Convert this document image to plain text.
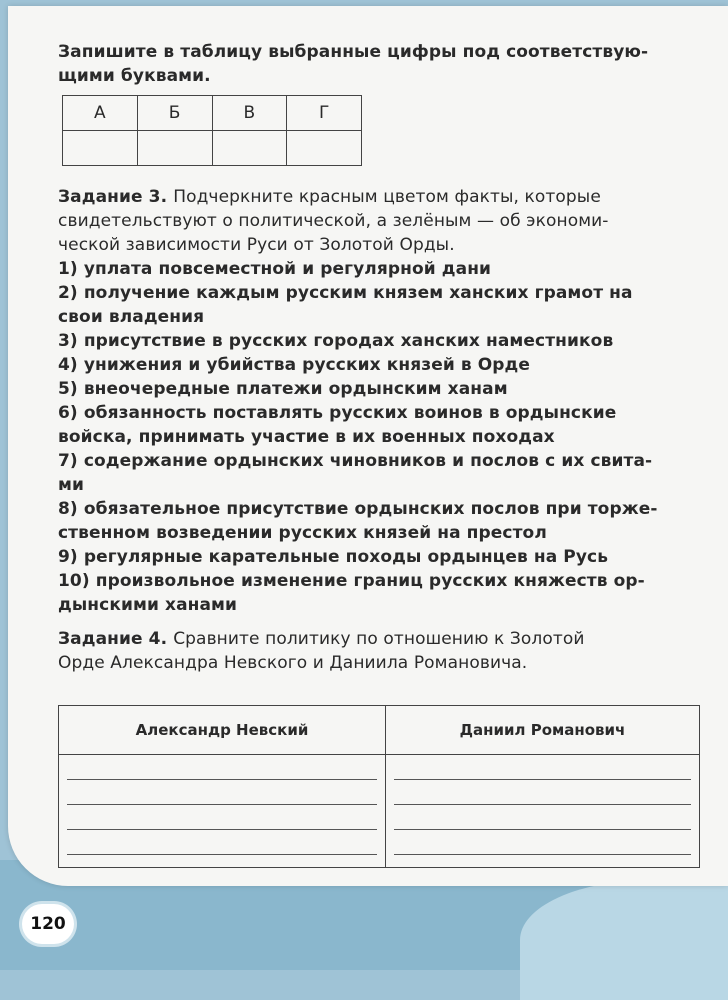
Запишите в таблицу выбранные цифры под соответствую-
щими буквами.
А	Б	В	Г

Задание 3. Подчеркните красным цветом факты, которые
свидетельствуют о политической, а зелёным — об экономи-
ческой зависимости Руси от Золотой Орды.
1) уплата повсеместной и регулярной дани
2) получение каждым русским князем ханских грамот на
свои владения
3) присутствие в русских городах ханских наместников
4) унижения и убийства русских князей в Орде
5) внеочередные платежи ордынским ханам
6) обязанность поставлять русских воинов в ордынские
войска, принимать участие в их военных походах
7) содержание ордынских чиновников и послов с их свита-
ми
8) обязательное присутствие ордынских послов при торже-
ственном возведении русских князей на престол
9) регулярные карательные походы ордынцев на Русь
10) произвольное изменение границ русских княжеств ор-
дынскими ханами
Задание 4. Сравните политику по отношению к Золотой
Орде Александра Невского и Даниила Романовича.
Александр Невский	Даниил Романович

120
